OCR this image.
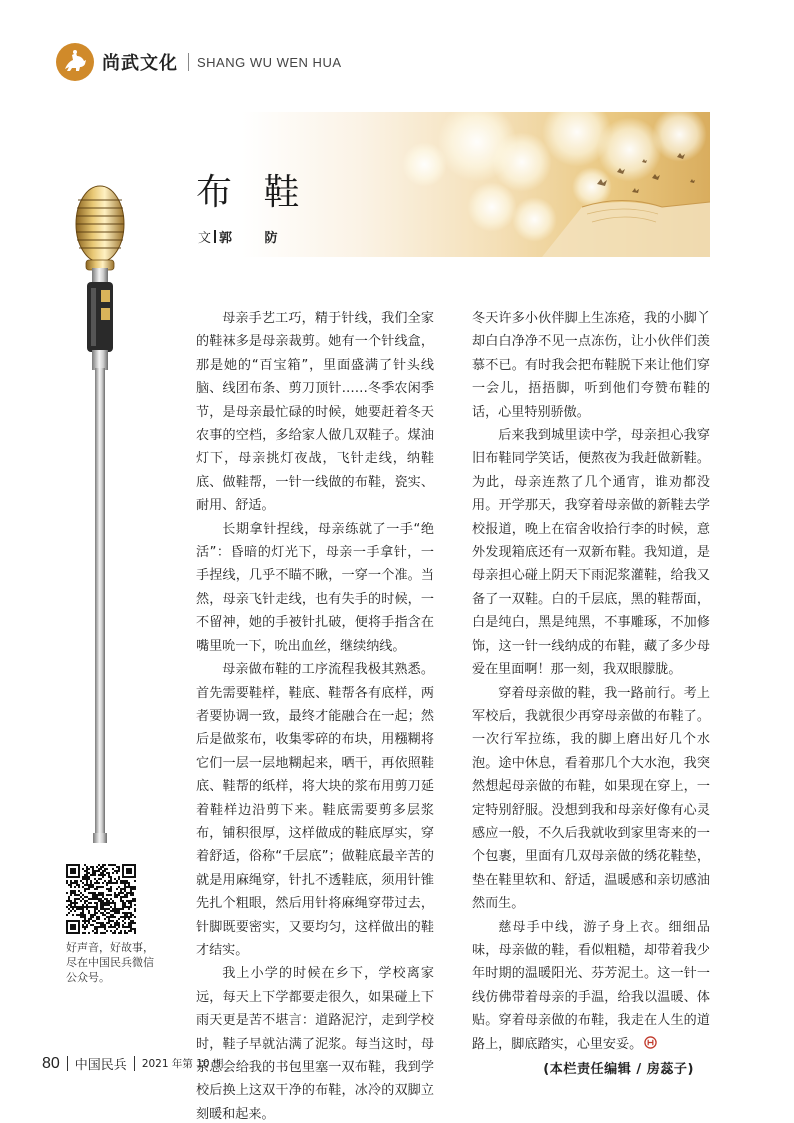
尚武文化 SHANG WU WEN HUA
布 鞋
文 郭 防

母亲手艺工巧，精于针线，我们全家的鞋袜多是母亲裁剪。她有一个针线盒，那是她的“百宝箱”，里面盛满了针头线脑、线团布条、剪刀顶针……冬季农闲季节，是母亲最忙碌的时候，她要赶着冬天农事的空档，多给家人做几双鞋子。煤油灯下，母亲挑灯夜战，飞针走线，纳鞋底、做鞋帮，一针一线做的布鞋，瓷实、耐用、舒适。

长期拿针捏线，母亲练就了一手“绝活”：昏暗的灯光下，母亲一手拿针，一手捏线，几乎不瞄不瞅，一穿一个准。当然，母亲飞针走线，也有失手的时候，一不留神，她的手被针扎破，便将手指含在嘴里吮一下，吮出血丝，继续纳线。

母亲做布鞋的工序流程我极其熟悉。首先需要鞋样，鞋底、鞋帮各有底样，两者要协调一致，最终才能融合在一起；然后是做浆布，收集零碎的布块，用糨糊将它们一层一层地糊起来，晒干，再依照鞋底、鞋帮的纸样，将大块的浆布用剪刀延着鞋样边沿剪下来。鞋底需要剪多层浆布，铺积很厚，这样做成的鞋底厚实，穿着舒适，俗称“千层底”；做鞋底最辛苦的就是用麻绳穿，针扎不透鞋底，须用针锥先扎个粗眼，然后用针将麻绳穿带过去，针脚既要密实，又要均匀，这样做出的鞋才结实。

我上小学的时候在乡下，学校离家远，每天上下学都要走很久，如果碰上下雨天更是苦不堪言：道路泥泞，走到学校时，鞋子早就沾满了泥浆。每当这时，母亲总会给我的书包里塞一双布鞋，我到学校后换上这双干净的布鞋，冰冷的双脚立刻暖和起来。

冬天许多小伙伴脚上生冻疮，我的小脚丫却白白净净不见一点冻伤，让小伙伴们羡慕不已。有时我会把布鞋脱下来让他们穿一会儿，捂捂脚，听到他们夸赞布鞋的话，心里特别骄傲。

后来我到城里读中学，母亲担心我穿旧布鞋同学笑话，便熬夜为我赶做新鞋。为此，母亲连熬了几个通宵，谁劝都没用。开学那天，我穿着母亲做的新鞋去学校报道，晚上在宿舍收拾行李的时候，意外发现箱底还有一双新布鞋。我知道，是母亲担心碰上阴天下雨泥浆灌鞋，给我又备了一双鞋。白的千层底，黑的鞋帮面，白是纯白，黑是纯黑，不事雕琢，不加修饰，这一针一线纳成的布鞋，藏了多少母爱在里面啊！那一刻，我双眼朦胧。

穿着母亲做的鞋，我一路前行。考上军校后，我就很少再穿母亲做的布鞋了。一次行军拉练，我的脚上磨出好几个水泡。途中休息，看着那几个大水泡，我突然想起母亲做的布鞋，如果现在穿上，一定特别舒服。没想到我和母亲好像有心灵感应一般，不久后我就收到家里寄来的一个包裹，里面有几双母亲做的绣花鞋垫，垫在鞋里软和、舒适，温暖感和亲切感油然而生。

慈母手中线，游子身上衣。细细品味，母亲做的鞋，看似粗糙，却带着我少年时期的温暖阳光、芬芳泥土。这一针一线仿佛带着母亲的手温，给我以温暖、体贴。穿着母亲做的布鞋，我走在人生的道路上，脚底踏实，心里安妥。

(本栏责任编辑 / 房蕊子)
好声音，好故事，尽在中国民兵微信公众号。
80 中国民兵 2021 年第 10 期
